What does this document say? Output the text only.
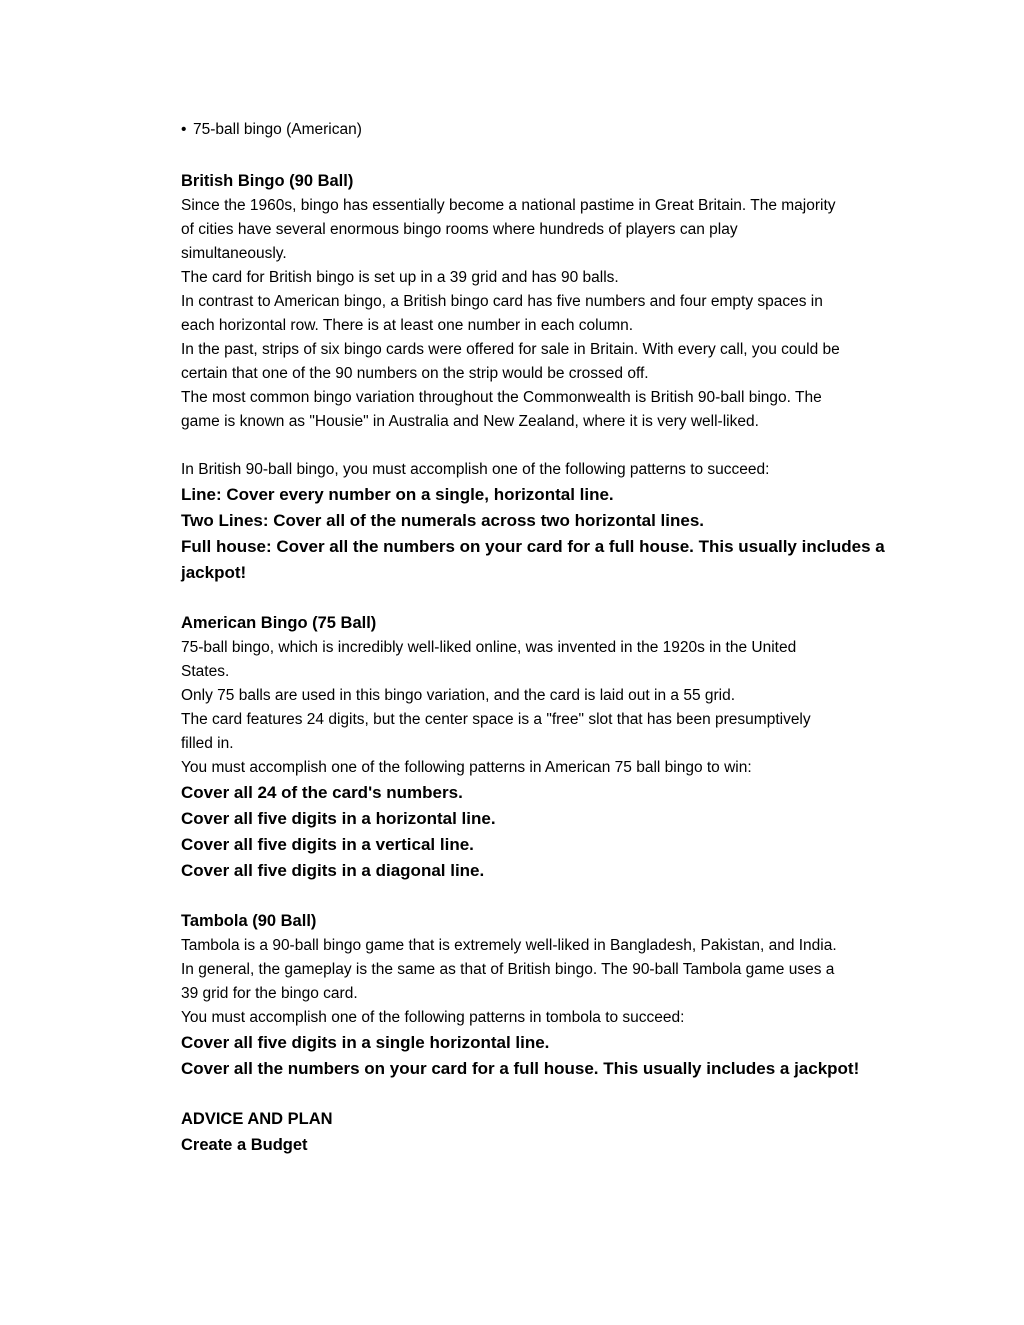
• 75-ball bingo (American)
British Bingo (90 Ball)
Since the 1960s, bingo has essentially become a national pastime in Great Britain. The majority
of cities have several enormous bingo rooms where hundreds of players can play
simultaneously.
The card for British bingo is set up in a 39 grid and has 90 balls.
In contrast to American bingo, a British bingo card has five numbers and four empty spaces in
each horizontal row. There is at least one number in each column.
In the past, strips of six bingo cards were offered for sale in Britain. With every call, you could be
certain that one of the 90 numbers on the strip would be crossed off.
The most common bingo variation throughout the Commonwealth is British 90-ball bingo. The
game is known as "Housie" in Australia and New Zealand, where it is very well-liked.
In British 90-ball bingo, you must accomplish one of the following patterns to succeed:
Line: Cover every number on a single, horizontal line.
Two Lines: Cover all of the numerals across two horizontal lines.
Full house: Cover all the numbers on your card for a full house. This usually includes a
jackpot!
American Bingo (75 Ball)
75-ball bingo, which is incredibly well-liked online, was invented in the 1920s in the United
States.
Only 75 balls are used in this bingo variation, and the card is laid out in a 55 grid.
The card features 24 digits, but the center space is a "free" slot that has been presumptively
filled in.
You must accomplish one of the following patterns in American 75 ball bingo to win:
Cover all 24 of the card's numbers.
Cover all five digits in a horizontal line.
Cover all five digits in a vertical line.
Cover all five digits in a diagonal line.
Tambola (90 Ball)
Tambola is a 90-ball bingo game that is extremely well-liked in Bangladesh, Pakistan, and India.
In general, the gameplay is the same as that of British bingo. The 90-ball Tambola game uses a
39 grid for the bingo card.
You must accomplish one of the following patterns in tombola to succeed:
Cover all five digits in a single horizontal line.
Cover all the numbers on your card for a full house. This usually includes a jackpot!
ADVICE AND PLAN
Create a Budget
